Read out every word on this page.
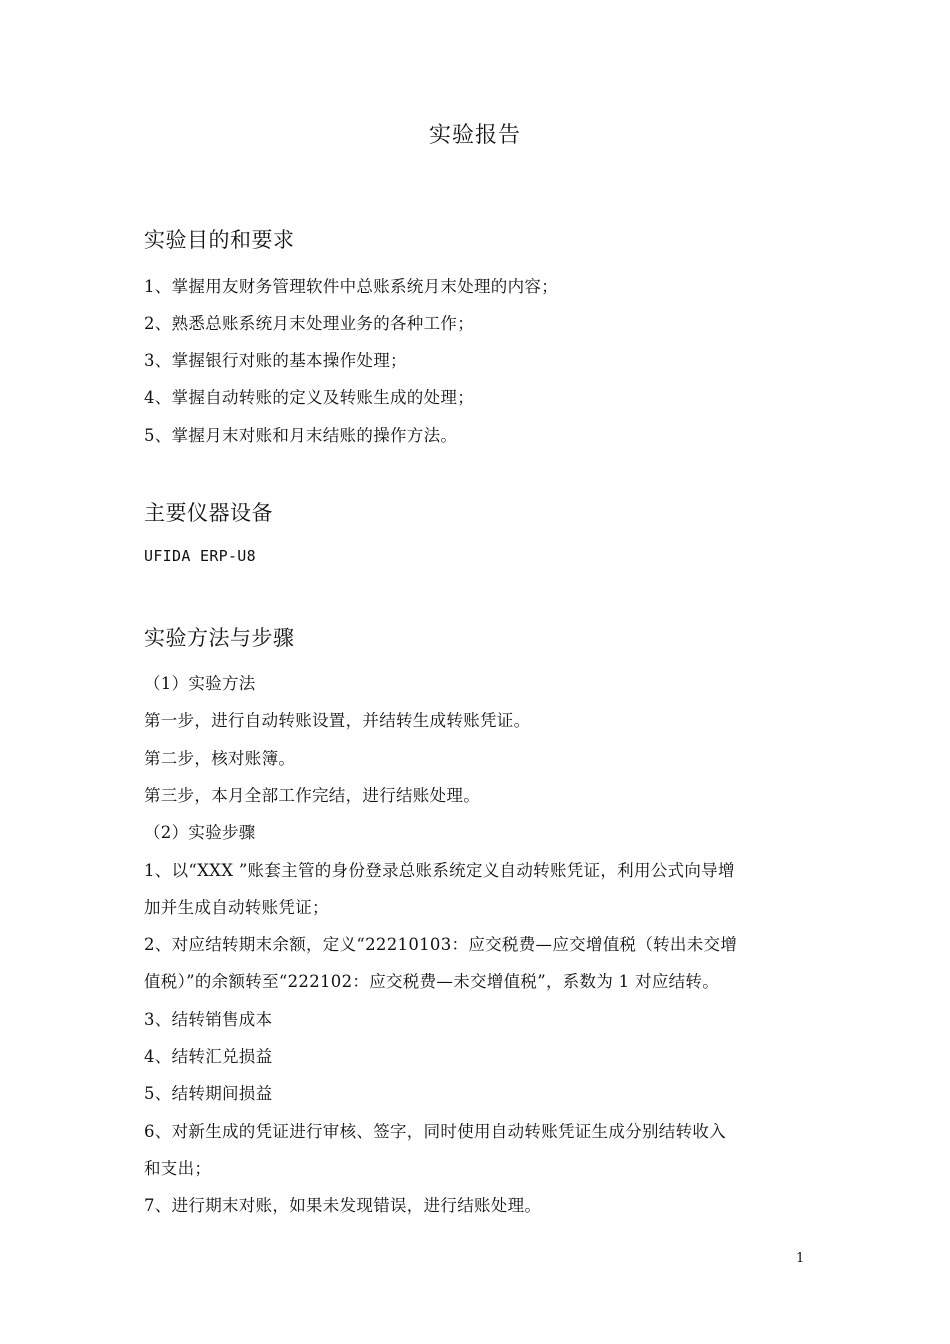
实验报告
实验目的和要求
1、掌握用友财务管理软件中总账系统月末处理的内容；
2、熟悉总账系统月末处理业务的各种工作；
3、掌握银行对账的基本操作处理；
4、掌握自动转账的定义及转账生成的处理；
5、掌握月末对账和月末结账的操作方法。
主要仪器设备
UFIDA ERP-U8
实验方法与步骤
（1）实验方法
第一步，进行自动转账设置，并结转生成转账凭证。
第二步，核对账簿。
第三步，本月全部工作完结，进行结账处理。
（2）实验步骤
1、以“XXX ”账套主管的身份登录总账系统定义自动转账凭证，利用公式向导增
加并生成自动转账凭证；
2、对应结转期末余额，定义“22210103：应交税费—应交增值税（转出未交增
值税）”的余额转至“222102：应交税费—未交增值税”，系数为 1 对应结转。
3、结转销售成本
4、结转汇兑损益
5、结转期间损益
6、对新生成的凭证进行审核、签字，同时使用自动转账凭证生成分别结转收入
和支出；
7、进行期末对账，如果未发现错误，进行结账处理。
1
